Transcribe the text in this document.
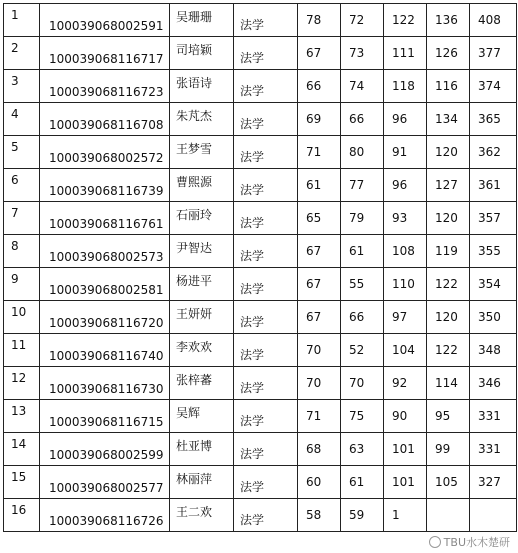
1	100039068002591	吴珊珊	法学	78	72	122	136	408
2	100039068116717	司培颖	法学	67	73	111	126	377
3	100039068116723	张语诗	法学	66	74	118	116	374
4	100039068116708	朱芃杰	法学	69	66	96	134	365
5	100039068002572	王梦雪	法学	71	80	91	120	362
6	100039068116739	曹熙源	法学	61	77	96	127	361
7	100039068116761	石丽玲	法学	65	79	93	120	357
8	100039068002573	尹智达	法学	67	61	108	119	355
9	100039068002581	杨进平	法学	67	55	110	122	354
10	100039068116720	王妍妍	法学	67	66	97	120	350
11	100039068116740	李欢欢	法学	70	52	104	122	348
12	100039068116730	张梓蕃	法学	70	70	92	114	346
13	100039068116715	吴辉	法学	71	75	90	95	331
14	100039068002599	杜亚博	法学	68	63	101	99	331
15	100039068002577	林丽萍	法学	60	61	101	105	327
16	100039068116726	王二欢	法学	58	59	1		
TBU水木楚研
